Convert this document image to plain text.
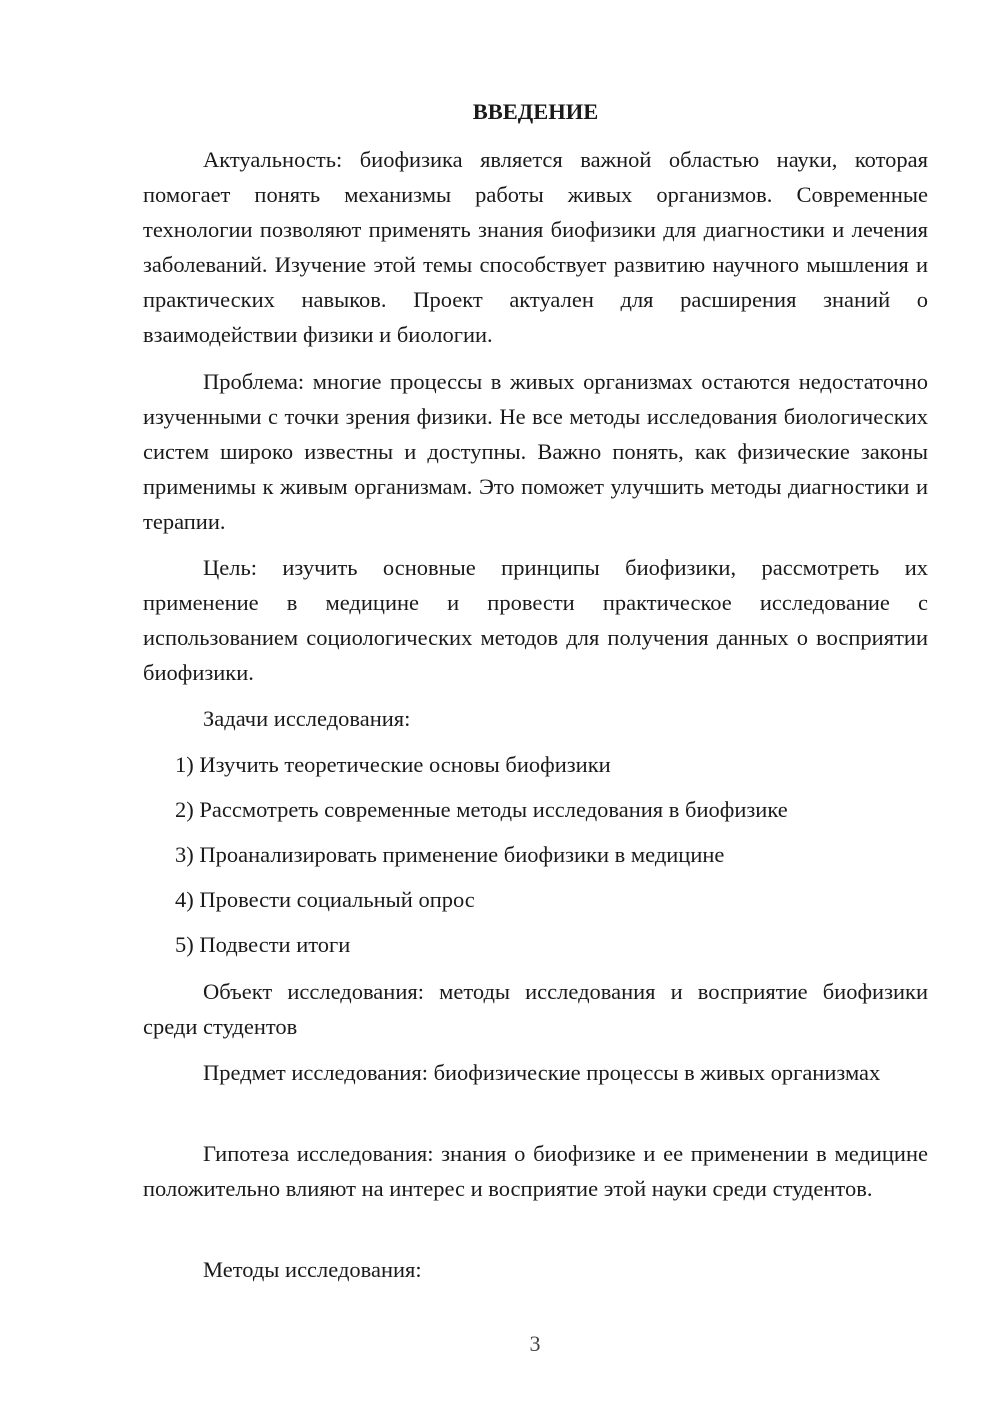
ВВЕДЕНИЕ

Актуальность: биофизика является важной областью науки, которая помогает понять механизмы работы живых организмов. Современные технологии позволяют применять знания биофизики для диагностики и лечения заболеваний. Изучение этой темы способствует развитию научного мышления и практических навыков. Проект актуален для расширения знаний о взаимодействии физики и биологии.

Проблема: многие процессы в живых организмах остаются недостаточно изученными с точки зрения физики. Не все методы исследования биологических систем широко известны и доступны. Важно понять, как физические законы применимы к живым организмам. Это поможет улучшить методы диагностики и терапии.

Цель: изучить основные принципы биофизики, рассмотреть их применение в медицине и провести практическое исследование с использованием социологических методов для получения данных о восприятии биофизики.

Задачи исследования:

1) Изучить теоретические основы биофизики
2) Рассмотреть современные методы исследования в биофизике
3) Проанализировать применение биофизики в медицине
4) Провести социальный опрос
5) Подвести итоги

Объект исследования: методы исследования и восприятие биофизики среди студентов

Предмет исследования: биофизические процессы в живых организмах

Гипотеза исследования: знания о биофизике и ее применении в медицине положительно влияют на интерес и восприятие этой науки среди студентов.

Методы исследования:

3
